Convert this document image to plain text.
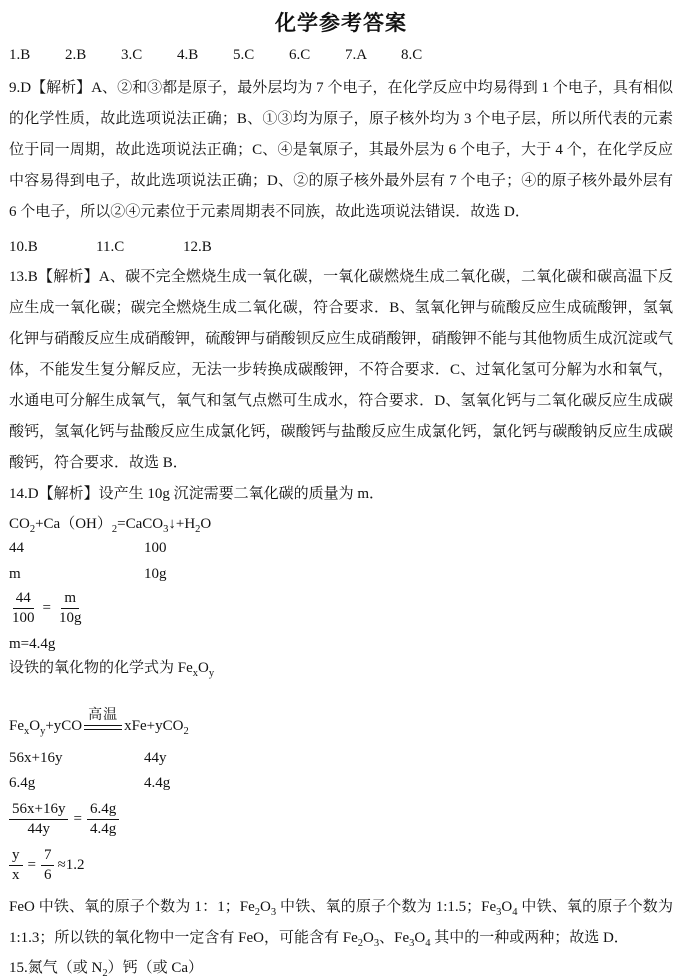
化学参考答案
1.B 2.B 3.C 4.B 5.C 6.C 7.A 8.C

9.D【解析】A、②和③都是原子，最外层均为 7 个电子，在化学反应中均易得到 1 个电子，具有相似的化学性质，故此选项说法正确；B、①③均为原子，原子核外均为 3 个电子层，所以所代表的元素位于同一周期，故此选项说法正确；C、④是氧原子，其最外层为 6 个电子，大于 4 个，在化学反应中容易得到电子，故此选项说法正确；D、②的原子核外最外层有 7 个电子；④的原子核外最外层有 6 个电子，所以②④元素位于元素周期表不同族，故此选项说法错误．故选 D．

10.B	11.C	12.B

13.B【解析】A、碳不完全燃烧生成一氧化碳，一氧化碳燃烧生成二氧化碳，二氧化碳和碳高温下反应生成一氧化碳；碳完全燃烧生成二氧化碳，符合要求．B、氢氧化钾与硫酸反应生成硫酸钾，氢氧化钾与硝酸反应生成硝酸钾，硫酸钾与硝酸钡反应生成硝酸钾，硝酸钾不能与其他物质生成沉淀或气体，不能发生复分解反应，无法一步转换成碳酸钾，不符合要求．C、过氧化氢可分解为水和氧气，水通电可分解生成氧气，氧气和氢气点燃可生成水，符合要求．D、氢氧化钙与二氧化碳反应生成碳酸钙，氢氧化钙与盐酸反应生成氯化钙，碳酸钙与盐酸反应生成氯化钙，氯化钙与碳酸钠反应生成碳酸钙，符合要求．故选 B．

14.D【解析】设产生 10g 沉淀需要二氧化碳的质量为 m．
$CO_2+Ca(OH)_2=CaCO_3↓+H_2O$
44	100
m	10g
$\frac{44}{100} = \frac{m}{10g}$
m=4.4g
设铁的氧化物的化学式为 $Fe_xO_y$
$Fe_xO_y+yCO$
高温
xFe+yCO$_2$
56x+16y	44y
6.4g	4.4g
$\frac{56x+16y}{44y} = \frac{6.4g}{4.4g}$
$\frac{y}{x} = \frac{7}{6} \approx 1.2$

FeO 中铁、氧的原子个数为 1：1；$Fe_2O_3$ 中铁、氧的原子个数为 1:1.5；$Fe_3O_4$ 中铁、氧的原子个数为 1:1.3；所以铁的氧化物中一定含有 FeO，可能含有 $Fe_2O_3$、$Fe_3O_4$ 其中的一种或两种；故选 D．

15.氮气（或 $N_2$）钙（或 Ca）
